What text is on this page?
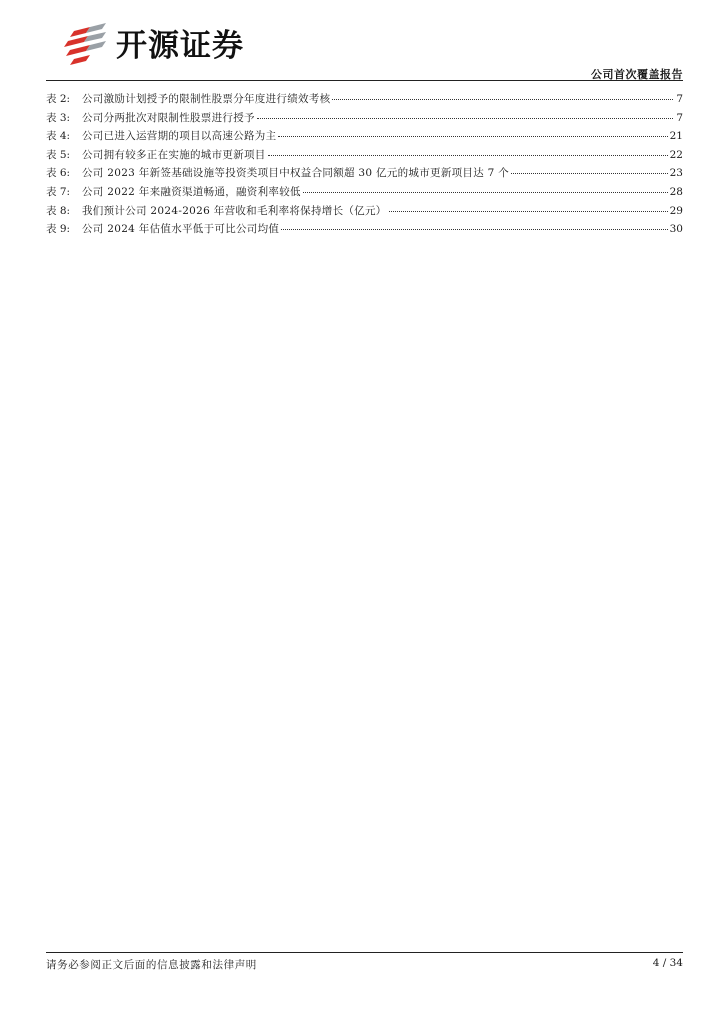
开源证券
公司首次覆盖报告
表 2:	公司激励计划授予的限制性股票分年度进行绩效考核	7
表 3:	公司分两批次对限制性股票进行授予	7
表 4:	公司已进入运营期的项目以高速公路为主	21
表 5:	公司拥有较多正在实施的城市更新项目	22
表 6:	公司 2023 年新签基础设施等投资类项目中权益合同额超 30 亿元的城市更新项目达 7 个	23
表 7:	公司 2022 年来融资渠道畅通，融资利率较低	28
表 8:	我们预计公司 2024-2026 年营收和毛利率将保持增长（亿元）	29
表 9:	公司 2024 年估值水平低于可比公司均值	30
请务必参阅正文后面的信息披露和法律声明	4 / 34
